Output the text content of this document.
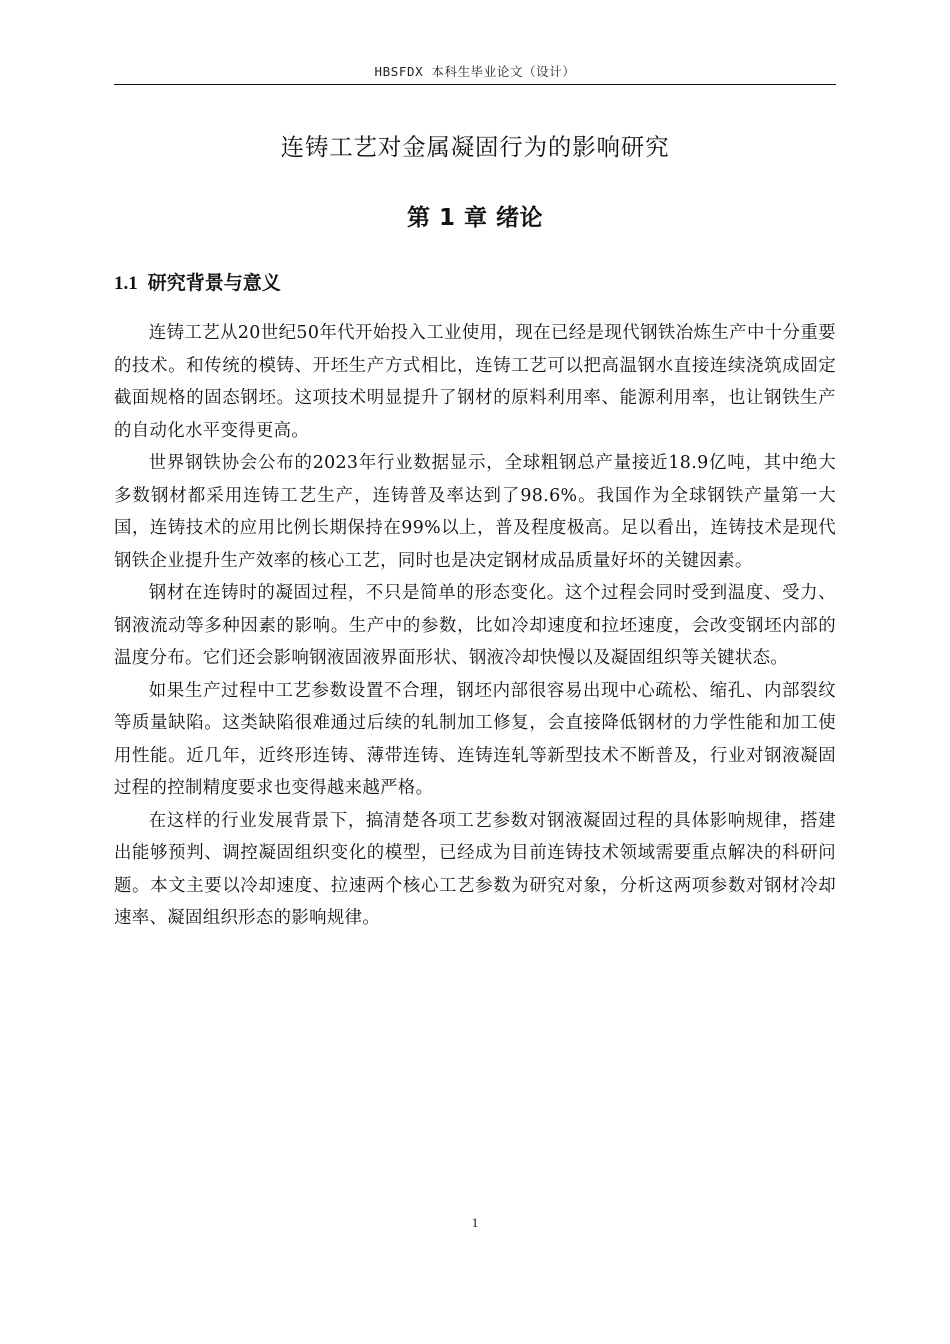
HBSFDX 本科生毕业论文（设计）
连铸工艺对金属凝固行为的影响研究
第 1 章 绪论
1.1 研究背景与意义

连铸工艺从20世纪50年代开始投入工业使用，现在已经是现代钢铁冶炼生产中十分重要的技术。和传统的模铸、开坯生产方式相比，连铸工艺可以把高温钢水直接连续浇筑成固定截面规格的固态钢坯。这项技术明显提升了钢材的原料利用率、能源利用率，也让钢铁生产的自动化水平变得更高。

世界钢铁协会公布的2023年行业数据显示，全球粗钢总产量接近18.9亿吨，其中绝大多数钢材都采用连铸工艺生产，连铸普及率达到了98.6%。我国作为全球钢铁产量第一大国，连铸技术的应用比例长期保持在99%以上，普及程度极高。足以看出，连铸技术是现代钢铁企业提升生产效率的核心工艺，同时也是决定钢材成品质量好坏的关键因素。

钢材在连铸时的凝固过程，不只是简单的形态变化。这个过程会同时受到温度、受力、钢液流动等多种因素的影响。生产中的参数，比如冷却速度和拉坯速度，会改变钢坯内部的温度分布。它们还会影响钢液固液界面形状、钢液冷却快慢以及凝固组织等关键状态。

如果生产过程中工艺参数设置不合理，钢坯内部很容易出现中心疏松、缩孔、内部裂纹等质量缺陷。这类缺陷很难通过后续的轧制加工修复，会直接降低钢材的力学性能和加工使用性能。近几年，近终形连铸、薄带连铸、连铸连轧等新型技术不断普及，行业对钢液凝固过程的控制精度要求也变得越来越严格。

在这样的行业发展背景下，搞清楚各项工艺参数对钢液凝固过程的具体影响规律，搭建出能够预判、调控凝固组织变化的模型，已经成为目前连铸技术领域需要重点解决的科研问题。本文主要以冷却速度、拉速两个核心工艺参数为研究对象，分析这两项参数对钢材冷却速率、凝固组织形态的影响规律。

1
